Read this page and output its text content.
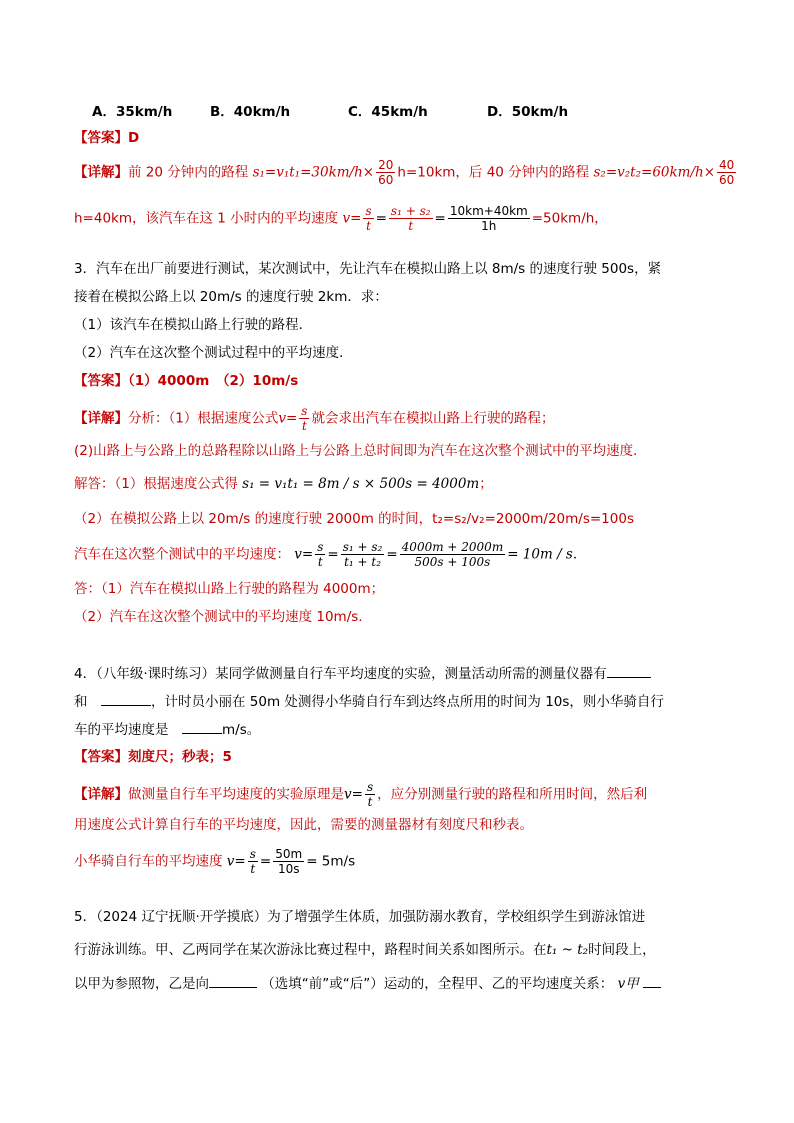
A．35km/h	B．40km/h	C．45km/h	D．50km/h
【答案】D
【详解】前 20 分钟内的路程 $s_1=v_1t_1=30km/h\times \frac{20}{60} h=10km$，后 40 分钟内的路程 $s_2=v_2t_2=60km/h\times \frac{40}{60}$
h=40km，该汽车在这 1 小时内的平均速度 $v= \frac{s}{t} = \frac{\text{s₁ + s₂}}{t} = \frac{10km+40km}{1h} =50km/h$，
3．汽车在出厂前要进行测试，某次测试中，先让汽车在模拟山路上以 8m/s 的速度行驶 500s，紧
接着在模拟公路上以 20m/s 的速度行驶 2km．求：
（1）该汽车在模拟山路上行驶的路程．
（2）汽车在这次整个测试过程中的平均速度．
【答案】（1）4000m　（2）10m/s
【详解】分析：（1）根据速度公式$v= \frac{s}{t}$ 就会求出汽车在模拟山路上行驶的路程；
(2)山路上与公路上的总路程除以山路上与公路上总时间即为汽车在这次整个测试中的平均速度．
解答：（1）根据速度公式得 s₁ = v₁t₁ = 8m / s × 500s = 4000m；
（2）在模拟公路上以 20m/s 的速度行驶 2000m 的时间，t₂=s₂/v₂=2000m/20m/s=100s
汽车在这次整个测试中的平均速度： $v= \frac{s}{t} = \frac{\text{s₁ + s₂}}{\text{t₁ + t₂}} = \frac{4000m + 2000m}{500s + 100s} = 10m / s$．
答：（1）汽车在模拟山路上行驶的路程为 4000m；
（2）汽车在这次整个测试中的平均速度 10m/s.
4．（八年级·课时练习）某同学做测量自行车平均速度的实验，测量活动所需的测量仪器有
和　	，计时员小丽在 50m 处测得小华骑自行车到达终点所用的时间为 10s，则小华骑自行
车的平均速度是　	m/s。
【答案】刻度尺；秒表；5
【详解】做测量自行车平均速度的实验原理是$v= \frac{s}{t}$ ，应分别测量行驶的路程和所用时间，然后利
用速度公式计算自行车的平均速度，因此，需要的测量器材有刻度尺和秒表。
小华骑自行车的平均速度 $v= \frac{s}{t} = \frac{50m}{10s} = 5m/s$
5．（2024 辽宁抚顺·开学摸底）为了增强学生体质，加强防溺水教育，学校组织学生到游泳馆进
行游泳训练。甲、乙两同学在某次游泳比赛过程中，路程时间关系如图所示。在t₁ ~ t₂时间段上，
以甲为参照物，乙是向	（选填“前”或“后”）运动的，全程甲、乙的平均速度关系： v甲
